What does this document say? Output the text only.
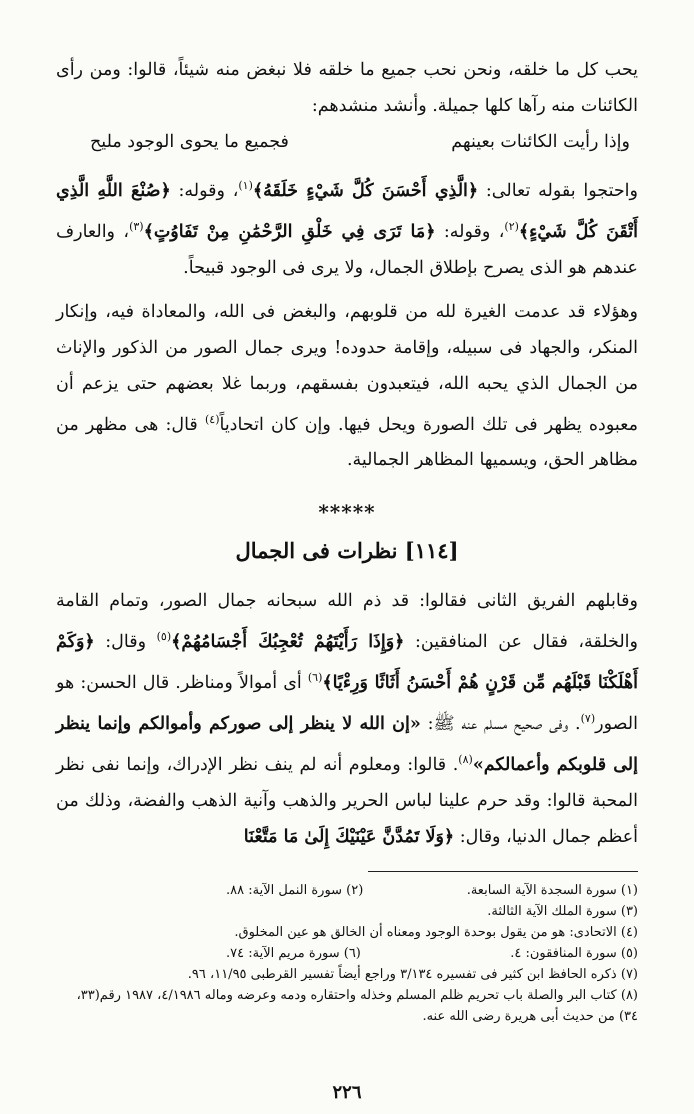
يحب كل ما خلقه، ونحن نحب جميع ما خلقه فلا نبغض منه شيئاً، قالوا: ومن رأى الكائنات منه رآها كلها جميلة. وأنشد منشدهم:

وإذا رأيت الكائنات بعينهم
فجميع ما يحوى الوجود مليح

واحتجوا بقوله تعالى: ﴿الَّذِي أَحْسَنَ كُلَّ شَيْءٍ خَلَقَهُ﴾$^{(١)}$، وقوله: ﴿صُنْعَ اللَّهِ الَّذِي أَتْقَنَ كُلَّ شَيْءٍ﴾$^{(٢)}$، وقوله: ﴿مَا تَرَى فِي خَلْقِ الرَّحْمَٰنِ مِنْ تَفَاوُتٍ﴾$^{(٣)}$، والعارف عندهم هو الذى يصرح بإطلاق الجمال، ولا يرى فى الوجود قبيحاً.

وهؤلاء قد عدمت الغيرة لله من قلوبهم، والبغض فى الله، والمعاداة فيه، وإنكار المنكر، والجهاد فى سبيله، وإقامة حدوده! ويرى جمال الصور من الذكور والإناث من الجمال الذي يحبه الله، فيتعبدون بفسقهم، وربما غلا بعضهم حتى يزعم أن معبوده يظهر فى تلك الصورة ويحل فيها. وإن كان اتحادياً$^{(٤)}$ قال: هى مظهر من مظاهر الحق، ويسميها المظاهر الجمالية.

*****
[١١٤] نظرات فى الجمال

وقابلهم الفريق الثانى فقالوا: قد ذم الله سبحانه جمال الصور، وتمام القامة والخلقة، فقال عن المنافقين: ﴿وَإِذَا رَأَيْتَهُمْ تُعْجِبُكَ أَجْسَامُهُمْ﴾$^{(٥)}$ وقال: ﴿وَكَمْ أَهْلَكْنَا قَبْلَهُم مِّن قَرْنٍ هُمْ أَحْسَنُ أَثَاثًا وَرِءْيًا﴾$^{(٦)}$ أى أموالاً ومناظر. قال الحسن: هو الصور$^{(٧)}$. وفى صحيح مسلم عنه ﷺ: «إن الله لا ينظر إلى صوركم وأموالكم وإنما ينظر إلى قلوبكم وأعمالكم»$^{(٨)}$. قالوا: ومعلوم أنه لم ينف نظر الإدراك، وإنما نفى نظر المحبة قالوا: وقد حرم علينا لباس الحرير والذهب وآنية الذهب والفضة، وذلك من أعظم جمال الدنيا، وقال: ﴿وَلَا تَمُدَّنَّ عَيْنَيْكَ إِلَىٰ مَا مَتَّعْنَا

(١) سورة السجدة الآية السابعة.
(٢) سورة النمل الآية: ٨٨.

(٣) سورة الملك الآية الثالثة.

(٤) الاتحادى: هو من يقول بوحدة الوجود ومعناه أن الخالق هو عين المخلوق.

(٥) سورة المنافقون: ٤.
(٦) سورة مريم الآية: ٧٤.

(٧) ذكره الحافظ ابن كثير فى تفسيره ٣/١٣٤ وراجع أيضاً تفسير القرطبى ١١/٩٥، ٩٦.

(٨) كتاب البر والصلة باب تحريم ظلم المسلم وخذله واحتقاره ودمه وعرضه وماله ٤/١٩٨٦، ١٩٨٧ رقم(٣٣، ٣٤) من حديث أبى هريرة رضى الله عنه.

٢٢٦
